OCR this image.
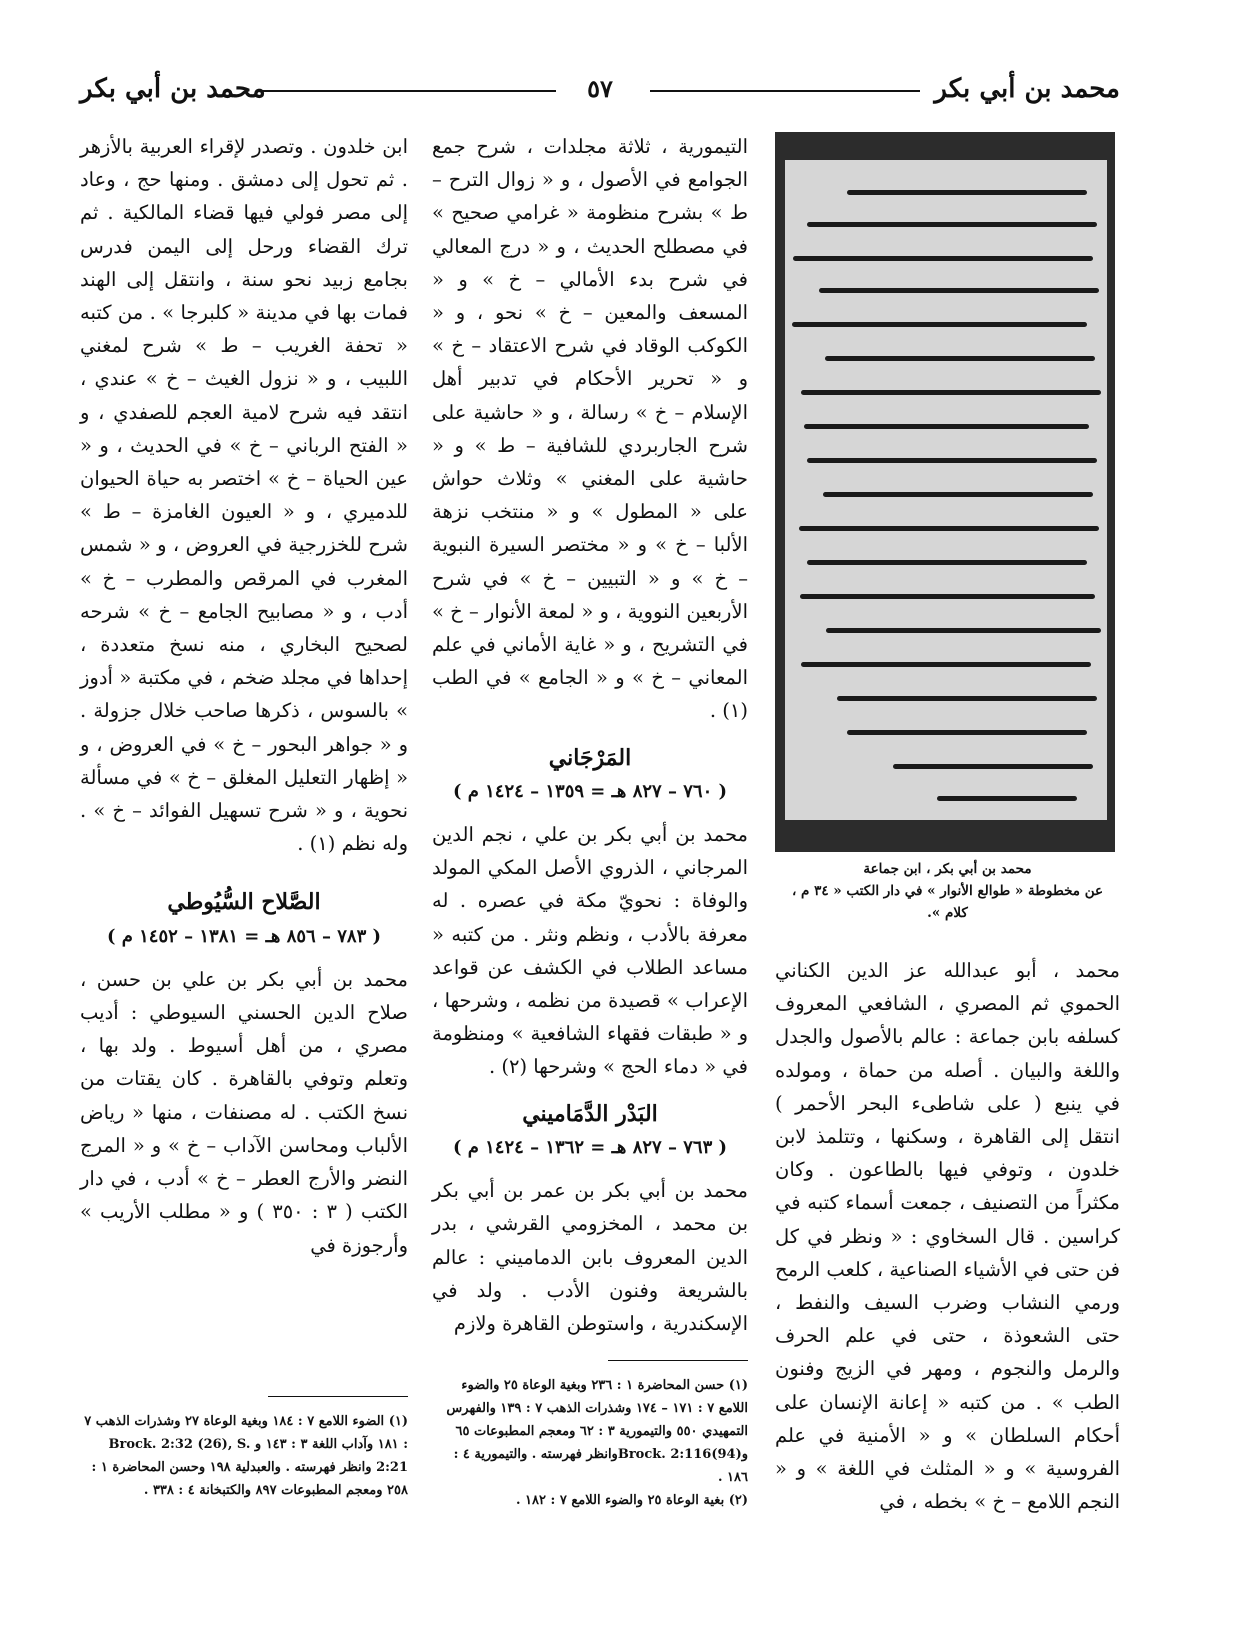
محمد بن أبي بكر
٥٧
محمد بن أبي بكر
محمد بن أبي بكر ، ابن جماعة
عن مخطوطة « طوالع الأنوار » في دار الكتب « ٣٤ م ،
كلام ».

محمد ، أبو عبدالله عز الدين الكناني الحموي ثم المصري ، الشافعي المعروف كسلفه بابن جماعة : عالم بالأصول والجدل واللغة والبيان . أصله من حماة ، ومولده في ينبع ( على شاطىء البحر الأحمر ) انتقل إلى القاهرة ، وسكنها ، وتتلمذ لابن خلدون ، وتوفي فيها بالطاعون . وكان مكثراً من التصنيف ، جمعت أسماء كتبه في كراسين . قال السخاوي : « ونظر في كل فن حتى في الأشياء الصناعية ، كلعب الرمح ورمي النشاب وضرب السيف والنفط ، حتى الشعوذة ، حتى في علم الحرف والرمل والنجوم ، ومهر في الزيج وفنون الطب » . من كتبه « إعانة الإنسان على أحكام السلطان » و « الأمنية في علم الفروسية » و « المثلث في اللغة » و « النجم اللامع – خ » بخطه ، في

التيمورية ، ثلاثة مجلدات ، شرح جمع الجوامع في الأصول ، و « زوال الترح – ط » بشرح منظومة « غرامي صحيح » في مصطلح الحديث ، و « درج المعالي في شرح بدء الأمالي – خ » و « المسعف والمعين – خ » نحو ، و « الكوكب الوقاد في شرح الاعتقاد – خ » و « تحرير الأحكام في تدبير أهل الإسلام – خ » رسالة ، و « حاشية على شرح الجاربردي للشافية – ط » و « حاشية على المغني » وثلاث حواش على « المطول » و « منتخب نزهة الألبا – خ » و « مختصر السيرة النبوية – خ » و « التبيين – خ » في شرح الأربعين النووية ، و « لمعة الأنوار – خ » في التشريح ، و « غاية الأماني في علم المعاني – خ » و « الجامع » في الطب (١) .

المَرْجَاني
( ٧٦٠ – ٨٢٧ هـ = ١٣٥٩ – ١٤٢٤ م )

محمد بن أبي بكر بن علي ، نجم الدين المرجاني ، الذروي الأصل المكي المولد والوفاة : نحويّ مكة في عصره . له معرفة بالأدب ، ونظم ونثر . من كتبه « مساعد الطلاب في الكشف عن قواعد الإعراب » قصيدة من نظمه ، وشرحها ، و « طبقات فقهاء الشافعية » ومنظومة في « دماء الحج » وشرحها (٢) .

البَدْر الدَّمَاميني
( ٧٦٣ – ٨٢٧ هـ = ١٣٦٢ – ١٤٢٤ م )

محمد بن أبي بكر بن عمر بن أبي بكر بن محمد ، المخزومي القرشي ، بدر الدين المعروف بابن الدماميني : عالم بالشريعة وفنون الأدب . ولد في الإسكندرية ، واستوطن القاهرة ولازم

ابن خلدون . وتصدر لإقراء العربية بالأزهر . ثم تحول إلى دمشق . ومنها حج ، وعاد إلى مصر فولي فيها قضاء المالكية . ثم ترك القضاء ورحل إلى اليمن فدرس بجامع زبيد نحو سنة ، وانتقل إلى الهند فمات بها في مدينة « كلبرجا » . من كتبه « تحفة الغريب – ط » شرح لمغني اللبيب ، و « نزول الغيث – خ » عندي ، انتقد فيه شرح لامية العجم للصفدي ، و « الفتح الرباني – خ » في الحديث ، و « عين الحياة – خ » اختصر به حياة الحيوان للدميري ، و « العيون الغامزة – ط » شرح للخزرجية في العروض ، و « شمس المغرب في المرقص والمطرب – خ » أدب ، و « مصابيح الجامع – خ » شرحه لصحيح البخاري ، منه نسخ متعددة ، إحداها في مجلد ضخم ، في مكتبة « أدوز » بالسوس ، ذكرها صاحب خلال جزولة . و « جواهر البحور – خ » في العروض ، و « إظهار التعليل المغلق – خ » في مسألة نحوية ، و « شرح تسهيل الفوائد – خ » . وله نظم (١) .

الصَّلاح السُّيُوطي
( ٧٨٣ – ٨٥٦ هـ = ١٣٨١ – ١٤٥٢ م )

محمد بن أبي بكر بن علي بن حسن ، صلاح الدين الحسني السيوطي : أديب مصري ، من أهل أسيوط . ولد بها ، وتعلم وتوفي بالقاهرة . كان يقتات من نسخ الكتب . له مصنفات ، منها « رياض الألباب ومحاسن الآداب – خ » و « المرج النضر والأرج العطر – خ » أدب ، في دار الكتب ( ٣ : ٣٥٠ ) و « مطلب الأريب » وأرجوزة في

(١) حسن المحاضرة ١ : ٢٣٦ وبغية الوعاة ٢٥ والضوء اللامع ٧ : ١٧١ – ١٧٤ وشذرات الذهب ٧ : ١٣٩ والفهرس التمهيدي ٥٥٠ والتيمورية ٣ : ٦٢ ومعجم المطبوعات ٦٥ و(94)Brock. 2:116وانظر فهرسته . والتيمورية ٤ : ١٨٦ .
(٢) بغية الوعاة ٢٥ والضوء اللامع ٧ : ١٨٢ .
(١) الضوء اللامع ٧ : ١٨٤ وبغية الوعاة ٢٧ وشذرات الذهب ٧ : ١٨١ وآداب اللغة ٣ : ١٤٣ و Brock. 2:32 (26), S. 2:21 وانظر فهرسته . والعبدلية ١٩٨ وحسن المحاضرة ١ : ٢٥٨ ومعجم المطبوعات ٨٩٧ والكتبخانة ٤ : ٣٣٨ .
